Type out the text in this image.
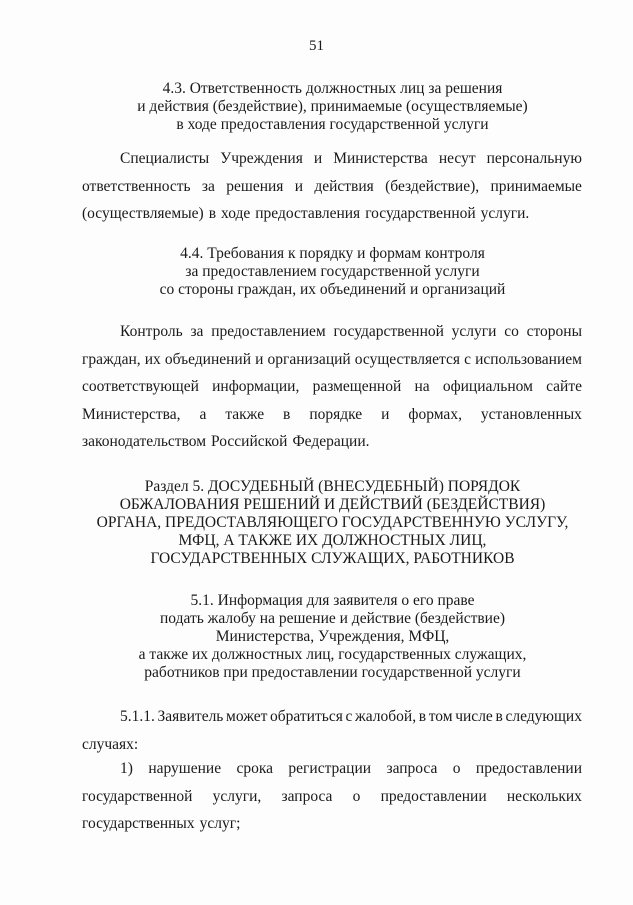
51
4.3. Ответственность должностных лиц за решения
и действия (бездействие), принимаемые (осуществляемые)
в ходе предоставления государственной услуги
Специалисты Учреждения и Министерства несут персональную
ответственность за решения и действия (бездействие), принимаемые
(осуществляемые) в ходе предоставления государственной услуги.
4.4. Требования к порядку и формам контроля
за предоставлением государственной услуги
со стороны граждан, их объединений и организаций
Контроль за предоставлением государственной услуги со стороны
граждан, их объединений и организаций осуществляется с использованием
соответствующей информации, размещенной на официальном сайте
Министерства, а также в порядке и формах, установленных
законодательством Российской Федерации.
Раздел 5. ДОСУДЕБНЫЙ (ВНЕСУДЕБНЫЙ) ПОРЯДОК
ОБЖАЛОВАНИЯ РЕШЕНИЙ И ДЕЙСТВИЙ (БЕЗДЕЙСТВИЯ)
ОРГАНА, ПРЕДОСТАВЛЯЮЩЕГО ГОСУДАРСТВЕННУЮ УСЛУГУ,
МФЦ, А ТАКЖЕ ИХ ДОЛЖНОСТНЫХ ЛИЦ,
ГОСУДАРСТВЕННЫХ СЛУЖАЩИХ, РАБОТНИКОВ
5.1. Информация для заявителя о его праве
подать жалобу на решение и действие (бездействие)
Министерства, Учреждения, МФЦ,
а также их должностных лиц, государственных служащих,
работников при предоставлении государственной услуги
5.1.1. Заявитель может обратиться с жалобой, в том числе в следующих
случаях:
1) нарушение срока регистрации запроса о предоставлении
государственной услуги, запроса о предоставлении нескольких
государственных услуг;
